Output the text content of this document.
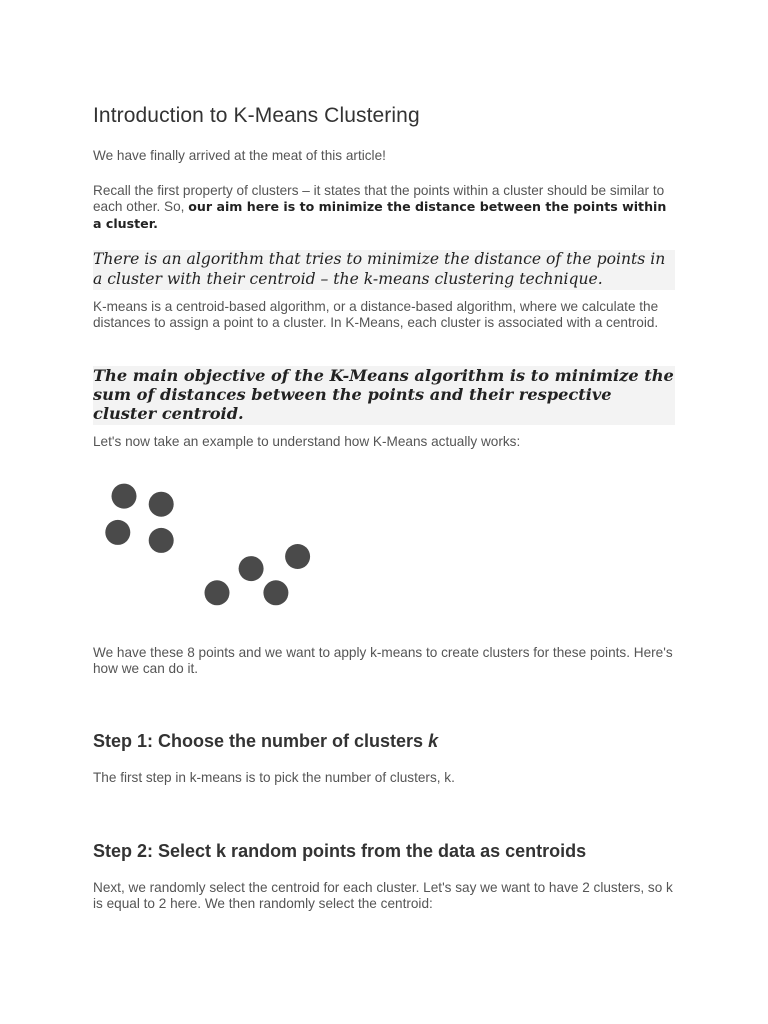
Introduction to K-Means Clustering

We have finally arrived at the meat of this article!

Recall the first property of clusters – it states that the points within a cluster should be similar to each other. So, our aim here is to minimize the distance between the points within a cluster.

There is an algorithm that tries to minimize the distance of the points in a cluster with their centroid – the k-means clustering technique.

K-means is a centroid-based algorithm, or a distance-based algorithm, where we calculate the distances to assign a point to a cluster. In K-Means, each cluster is associated with a centroid.

The main objective of the K-Means algorithm is to minimize the sum of distances between the points and their respective cluster centroid.

Let's now take an example to understand how K-Means actually works:

We have these 8 points and we want to apply k-means to create clusters for these points. Here's how we can do it.

Step 1: Choose the number of clusters k

The first step in k-means is to pick the number of clusters, k.

Step 2: Select k random points from the data as centroids

Next, we randomly select the centroid for each cluster. Let's say we want to have 2 clusters, so k is equal to 2 here. We then randomly select the centroid:
